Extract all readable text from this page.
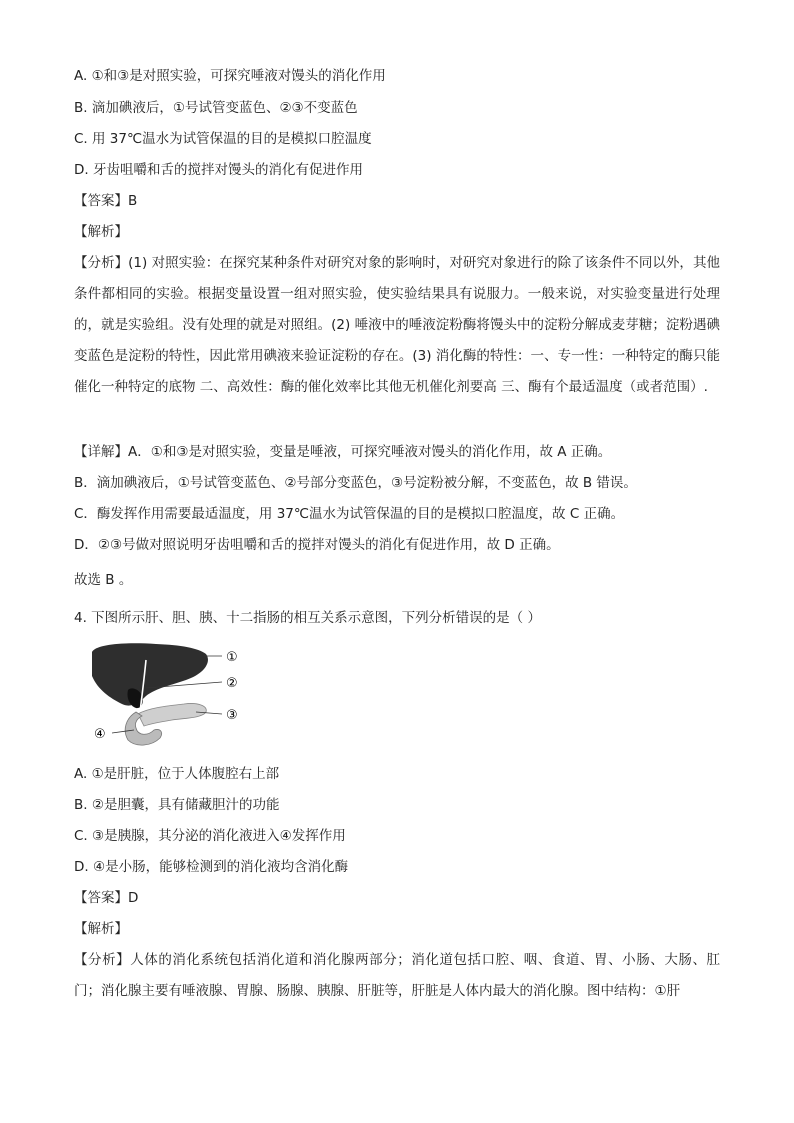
A. ①和③是对照实验，可探究唾液对馒头的消化作用
B. 滴加碘液后，①号试管变蓝色、②③不变蓝色
C. 用 37℃温水为试管保温的目的是模拟口腔温度
D. 牙齿咀嚼和舌的搅拌对馒头的消化有促进作用
【答案】B
【解析】
【分析】(1) 对照实验：在探究某种条件对研究对象的影响时，对研究对象进行的除了该条件不同以外，其他条件都相同的实验。根据变量设置一组对照实验，使实验结果具有说服力。一般来说，对实验变量进行处理的，就是实验组。没有处理的就是对照组。(2) 唾液中的唾液淀粉酶将馒头中的淀粉分解成麦芽糖；淀粉遇碘变蓝色是淀粉的特性，因此常用碘液来验证淀粉的存在。(3) 消化酶的特性：一、专一性：一种特定的酶只能催化一种特定的底物 二、高效性：酶的催化效率比其他无机催化剂要高 三、酶有个最适温度（或者范围）.
【详解】A．①和③是对照实验，变量是唾液，可探究唾液对馒头的消化作用，故 A 正确。
B．滴加碘液后，①号试管变蓝色、②号部分变蓝色，③号淀粉被分解，不变蓝色，故 B 错误。
C．酶发挥作用需要最适温度，用 37℃温水为试管保温的目的是模拟口腔温度，故 C 正确。
D．②③号做对照说明牙齿咀嚼和舌的搅拌对馒头的消化有促进作用，故 D 正确。
故选 B 。
4. 下图所示肝、胆、胰、十二指肠的相互关系示意图，下列分析错误的是（ ）
①
②
③
④
A. ①是肝脏，位于人体腹腔右上部
B. ②是胆囊，具有储藏胆汁的功能
C. ③是胰腺，其分泌的消化液进入④发挥作用
D. ④是小肠，能够检测到的消化液均含消化酶
【答案】D
【解析】
【分析】人体的消化系统包括消化道和消化腺两部分；消化道包括口腔、咽、食道、胃、小肠、大肠、肛门；消化腺主要有唾液腺、胃腺、肠腺、胰腺、肝脏等，肝脏是人体内最大的消化腺。图中结构：①肝
